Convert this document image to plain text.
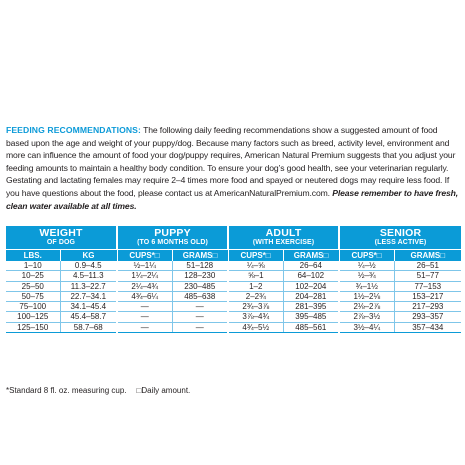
FEEDING RECOMMENDATIONS: The following daily feeding recommendations show a suggested amount of food based upon the age and weight of your puppy/dog. Because many factors such as breed, activity level, environment and more can influence the amount of food your dog/puppy requires, American Natural Premium suggests that you adjust your feeding amounts to maintain a healthy body condition. To ensure your dog’s good health, see your veterinarian regularly. Gestating and lactating females may require 2–4 times more food and spayed or neutered dogs may require less food. If you have questions about the food, please contact us at AmericanNaturalPremium.com. Please remember to have fresh, clean water available at all times.

WEIGHT		PUPPY		ADULT		SENIOR	
OF DOG		(TO 6 MONTHS OLD)		(WITH EXERCISE)		(LESS ACTIVE)	
LBS.	KG	CUPS*□	GRAMS□	CUPS*□	GRAMS□	CUPS*□	GRAMS□
1–10	0.9–4.5	½–1¼	51–128	¼–⅝	26–64	¼–½	26–51
10–25	4.5–11.3	1¼–2¼	128–230	⅝–1	64–102	½–¾	51–77
25–50	11.3–22.7	2¼–4¾	230–485	1–2	102–204	¾–1½	77–153
50–75	22.7–34.1	4¾–6¼	485–638	2–2¾	204–281	1½–2⅛	153–217
75–100	34.1–45.4	—	—	2¾–3⅞	281–395	2⅛–2⅞	217–293
100–125	45.4–58.7	—	—	3⅞–4¾	395–485	2⅞–3½	293–357
125–150	58.7–68	—	—	4¾–5½	485–561	3½–4¼	357–434
*Standard 8 fl. oz. measuring cup. □Daily amount.
